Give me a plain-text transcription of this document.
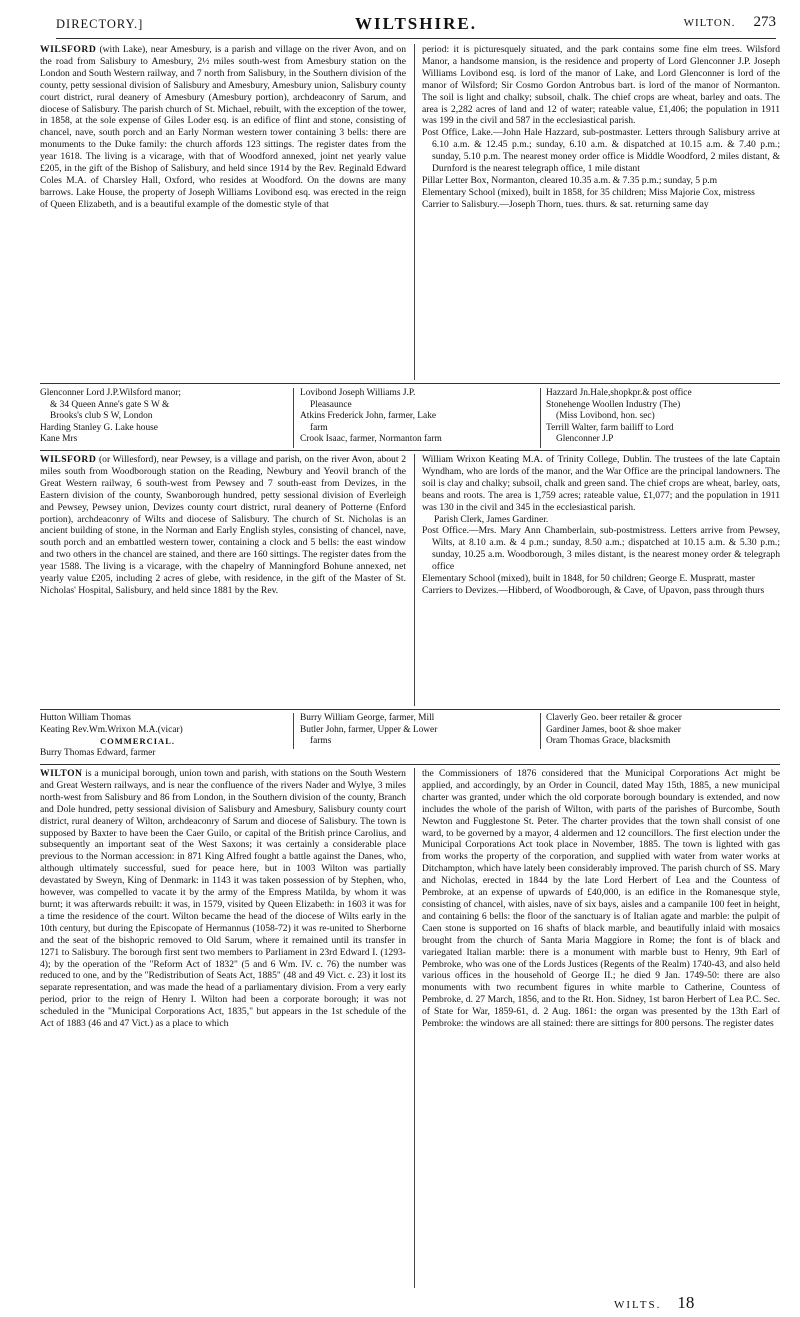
DIRECTORY.]	WILTSHIRE.	WILTON. 273

WILSFORD (with Lake), near Amesbury, is a parish and village on the river Avon, and on the road from Salisbury to Amesbury, 2½ miles south-west from Amesbury station on the London and South Western railway, and 7 north from Salisbury, in the Southern division of the county, petty sessional division of Salisbury and Amesbury, Amesbury union, Salisbury county court district, rural deanery of Amesbury (Amesbury portion), archdeaconry of Sarum, and diocese of Salisbury. The parish church of St. Michael, rebuilt, with the exception of the tower, in 1858, at the sole expense of Giles Loder esq. is an edifice of flint and stone, consisting of chancel, nave, south porch and an Early Norman western tower containing 3 bells: there are monuments to the Duke family: the church affords 123 sittings. The register dates from the year 1618. The living is a vicarage, with that of Woodford annexed, joint net yearly value £205, in the gift of the Bishop of Salisbury, and held since 1914 by the Rev. Reginald Edward Coles M.A. of Charsley Hall, Oxford, who resides at Woodford. On the downs are many barrows. Lake House, the property of Joseph Williams Lovibond esq. was erected in the reign of Queen Elizabeth, and is a beautiful example of the domestic style of that

period: it is picturesquely situated, and the park contains some fine elm trees. Wilsford Manor, a handsome mansion, is the residence and property of Lord Glenconner J.P. Joseph Williams Lovibond esq. is lord of the manor of Lake, and Lord Glenconner is lord of the manor of Wilsford; Sir Cosmo Gordon Antrobus bart. is lord of the manor of Normanton. The soil is light and chalky; subsoil, chalk. The chief crops are wheat, barley and oats. The area is 2,282 acres of land and 12 of water; rateable value, £1,406; the population in 1911 was 199 in the civil and 587 in the ecclesiastical parish.

Post Office, Lake.—John Hale Hazzard, sub-postmaster. Letters through Salisbury arrive at 6.10 a.m. & 12.45 p.m.; sunday, 6.10 a.m. & dispatched at 10.15 a.m. & 7.40 p.m.; sunday, 5.10 p.m. The nearest money order office is Middle Woodford, 2 miles distant, & Durnford is the nearest telegraph office, 1 mile distant

Pillar Letter Box, Normanton, cleared 10.35 a.m. & 7.35 p.m.; sunday, 5 p.m

Elementary School (mixed), built in 1858, for 35 children; Miss Majorie Cox, mistress

Carrier to Salisbury.—Joseph Thorn, tues. thurs. & sat. returning same day

Glenconner Lord J.P.Wilsford manor;
& 34 Queen Anne's gate S W &
Brooks's club S W, London
Harding Stanley G. Lake house
Kane Mrs
Lovibond Joseph Williams J.P.
Pleasaunce
Atkins Frederick John, farmer, Lake
farm
Crook Isaac, farmer, Normanton farm
Hazzard Jn.Hale,shopkpr.& post office
Stonehenge Woollen Industry (The)
(Miss Lovibond, hon. sec)
Terrill Walter, farm bailiff to Lord
Glenconner J.P

WILSFORD (or Willesford), near Pewsey, is a village and parish, on the river Avon, about 2 miles south from Woodborough station on the Reading, Newbury and Yeovil branch of the Great Western railway, 6 south-west from Pewsey and 7 south-east from Devizes, in the Eastern division of the county, Swanborough hundred, petty sessional division of Everleigh and Pewsey, Pewsey union, Devizes county court district, rural deanery of Potterne (Enford portion), archdeaconry of Wilts and diocese of Salisbury. The church of St. Nicholas is an ancient building of stone, in the Norman and Early English styles, consisting of chancel, nave, south porch and an embattled western tower, containing a clock and 5 bells: the east window and two others in the chancel are stained, and there are 160 sittings. The register dates from the year 1588. The living is a vicarage, with the chapelry of Manningford Bohune annexed, net yearly value £205, including 2 acres of glebe, with residence, in the gift of the Master of St. Nicholas' Hospital, Salisbury, and held since 1881 by the Rev.

William Wrixon Keating M.A. of Trinity College, Dublin. The trustees of the late Captain Wyndham, who are lords of the manor, and the War Office are the principal landowners. The soil is clay and chalky; subsoil, chalk and green sand. The chief crops are wheat, barley, oats, beans and roots. The area is 1,759 acres; rateable value, £1,077; and the population in 1911 was 130 in the civil and 345 in the ecclesiastical parish.

Parish Clerk, James Gardiner.

Post Office.—Mrs. Mary Ann Chamberlain, sub-postmistress. Letters arrive from Pewsey, Wilts, at 8.10 a.m. & 4 p.m.; sunday, 8.50 a.m.; dispatched at 10.15 a.m. & 5.30 p.m.; sunday, 10.25 a.m. Woodborough, 3 miles distant, is the nearest money order & telegraph office

Elementary School (mixed), built in 1848, for 50 children; George E. Muspratt, master

Carriers to Devizes.—Hibberd, of Woodborough, & Cave, of Upavon, pass through thurs

Hutton William Thomas
Keating Rev.Wm.Wrixon M.A.(vicar)
COMMERCIAL.
Burry Thomas Edward, farmer
Burry William George, farmer, Mill
Butler John, farmer, Upper & Lower
farms
Claverly Geo. beer retailer & grocer
Gardiner James, boot & shoe maker
Oram Thomas Grace, blacksmith

WILTON is a municipal borough, union town and parish, with stations on the South Western and Great Western railways, and is near the confluence of the rivers Nader and Wylye, 3 miles north-west from Salisbury and 86 from London, in the Southern division of the county, Branch and Dole hundred, petty sessional division of Salisbury and Amesbury, Salisbury county court district, rural deanery of Wilton, archdeaconry of Sarum and diocese of Salisbury. The town is supposed by Baxter to have been the Caer Guilo, or capital of the British prince Carolius, and subsequently an important seat of the West Saxons; it was certainly a considerable place previous to the Norman accession: in 871 King Alfred fought a battle against the Danes, who, although ultimately successful, sued for peace here, but in 1003 Wilton was partially devastated by Sweyn, King of Denmark: in 1143 it was taken possession of by Stephen, who, however, was compelled to vacate it by the army of the Empress Matilda, by whom it was burnt; it was afterwards rebuilt: it was, in 1579, visited by Queen Elizabeth: in 1603 it was for a time the residence of the court. Wilton became the head of the diocese of Wilts early in the 10th century, but during the Episcopate of Hermannus (1058-72) it was re-united to Sherborne and the seat of the bishopric removed to Old Sarum, where it remained until its transfer in 1271 to Salisbury. The borough first sent two members to Parliament in 23rd Edward I. (1293-4); by the operation of the "Reform Act of 1832" (5 and 6 Wm. IV. c. 76) the number was reduced to one, and by the "Redistribution of Seats Act, 1885" (48 and 49 Vict. c. 23) it lost its separate representation, and was made the head of a parliamentary division. From a very early period, prior to the reign of Henry I. Wilton had been a corporate borough; it was not scheduled in the "Municipal Corporations Act, 1835," but appears in the 1st schedule of the Act of 1883 (46 and 47 Vict.) as a place to which

the Commissioners of 1876 considered that the Municipal Corporations Act might be applied, and accordingly, by an Order in Council, dated May 15th, 1885, a new municipal charter was granted, under which the old corporate borough boundary is extended, and now includes the whole of the parish of Wilton, with parts of the parishes of Burcombe, South Newton and Fugglestone St. Peter. The charter provides that the town shall consist of one ward, to be governed by a mayor, 4 aldermen and 12 councillors. The first election under the Municipal Corporations Act took place in November, 1885. The town is lighted with gas from works the property of the corporation, and supplied with water from water works at Ditchampton, which have lately been considerably improved. The parish church of SS. Mary and Nicholas, erected in 1844 by the late Lord Herbert of Lea and the Countess of Pembroke, at an expense of upwards of £40,000, is an edifice in the Romanesque style, consisting of chancel, with aisles, nave of six bays, aisles and a campanile 100 feet in height, and containing 6 bells: the floor of the sanctuary is of Italian agate and marble: the pulpit of Caen stone is supported on 16 shafts of black marble, and beautifully inlaid with mosaics brought from the church of Santa Maria Maggiore in Rome; the font is of black and variegated Italian marble: there is a monument with marble bust to Henry, 9th Earl of Pembroke, who was one of the Lords Justices (Regents of the Realm) 1740-43, and also held various offices in the household of George II.; he died 9 Jan. 1749-50: there are also monuments with two recumbent figures in white marble to Catherine, Countess of Pembroke, d. 27 March, 1856, and to the Rt. Hon. Sidney, 1st baron Herbert of Lea P.C. Sec. of State for War, 1859-61, d. 2 Aug. 1861: the organ was presented by the 13th Earl of Pembroke: the windows are all stained: there are sittings for 800 persons. The register dates

WILTS. 18
